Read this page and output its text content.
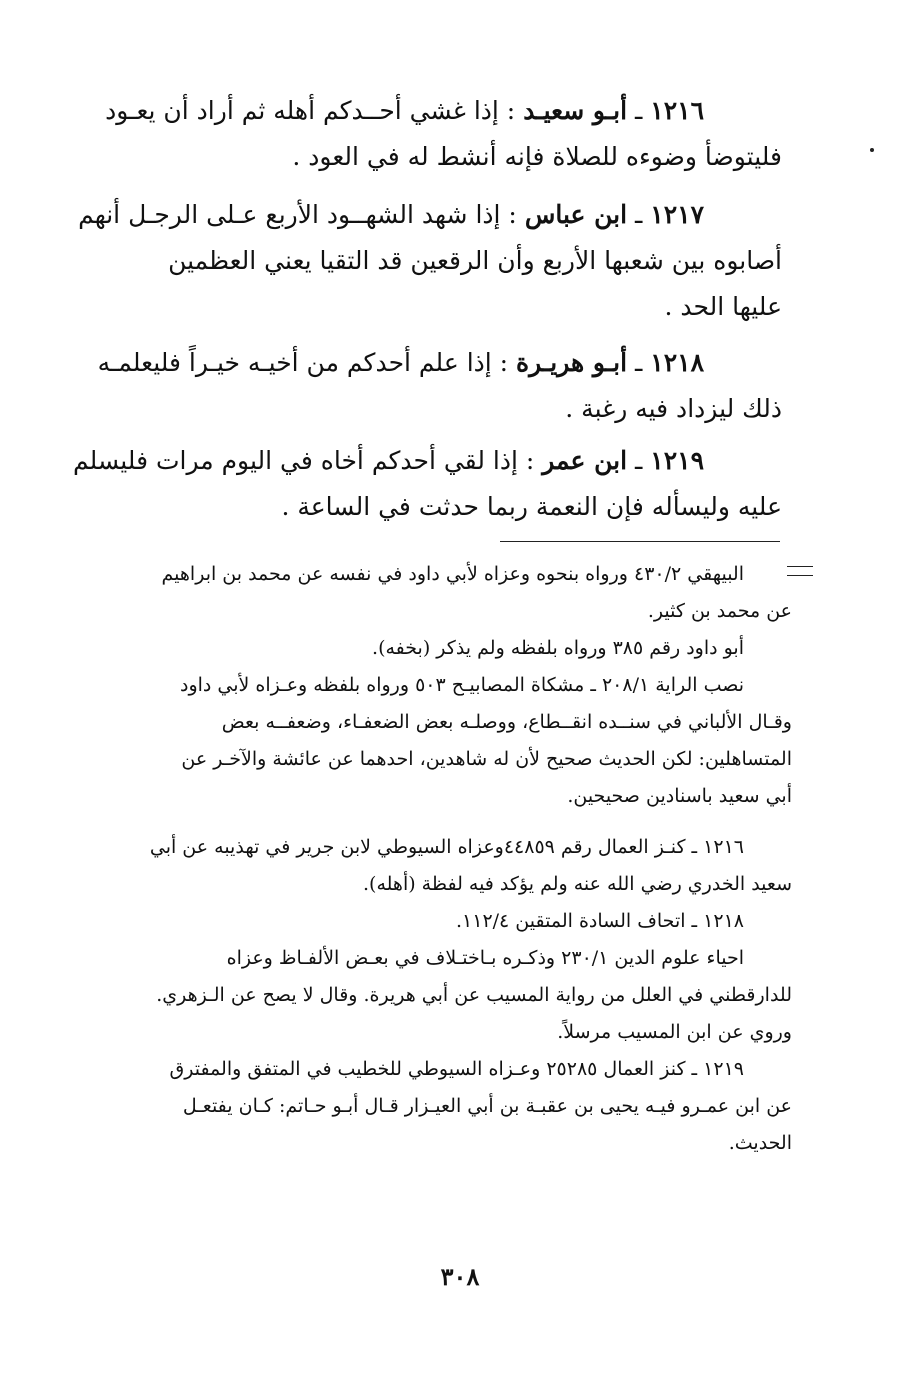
١٢١٦ ـ أبـو سعيـد : إذا غشي أحــدكم أهله ثم أراد أن يعـود
فليتوضأ وضوءه للصلاة فإنه أنشط له في العود .
١٢١٧ ـ ابن عباس : إذا شهد الشهــود الأربع عـلى الرجـل أنهم
أصابوه بين شعبها الأربع وأن الرقعين قد التقيا يعني العظمين
عليها الحد .
١٢١٨ ـ أبـو هريـرة : إذا علم أحدكم من أخيـه خيـراً فليعلمـه
ذلك ليزداد فيه رغبة .
١٢١٩ ـ ابن عمر : إذا لقي أحدكم أخاه في اليوم مرات فليسلم
عليه وليسأله فإن النعمة ربما حدثت في الساعة .
البيهقي ٤٣٠/٢ ورواه بنحوه وعزاه لأبي داود في نفسه عن محمد بن ابراهيم
عن محمد بن كثير.
أبو داود رقم ٣٨٥ ورواه بلفظه ولم يذكر (بخفه).
نصب الراية ٢٠٨/١ ـ مشكاة المصابيـح ٥٠٣ ورواه بلفظه وعـزاه لأبي داود
وقـال الألباني في سنــده انقــطاع، ووصلـه بعض الضعفـاء، وضعفــه بعض
المتساهلين: لكن الحديث صحيح لأن له شاهدين، احدهما عن عائشة والآخـر عن
أبي سعيد باسنادين صحيحين.
١٢١٦ ـ كنـز العمال رقم ٤٤٨٥٩وعزاه السيوطي لابن جرير في تهذيبه عن أبي
سعيد الخدري رضي الله عنه ولم يؤكد فيه لفظة (أهله).
١٢١٨ ـ اتحاف السادة المتقين ١١٢/٤.
احياء علوم الدين ٢٣٠/١ وذكـره بـاختـلاف في بعـض الألفـاظ وعزاه
للدارقطني في العلل من رواية المسيب عن أبي هريرة. وقال لا يصح عن الـزهري.
وروي عن ابن المسيب مرسلاً.
١٢١٩ ـ كنز العمال ٢٥٢٨٥ وعـزاه السيوطي للخطيب في المتفق والمفترق
عن ابن عمـرو فيـه يحيى بن عقبـة بن أبي العيـزار قـال أبـو حـاتم: كـان يفتعـل
الحديث.
٣٠٨
